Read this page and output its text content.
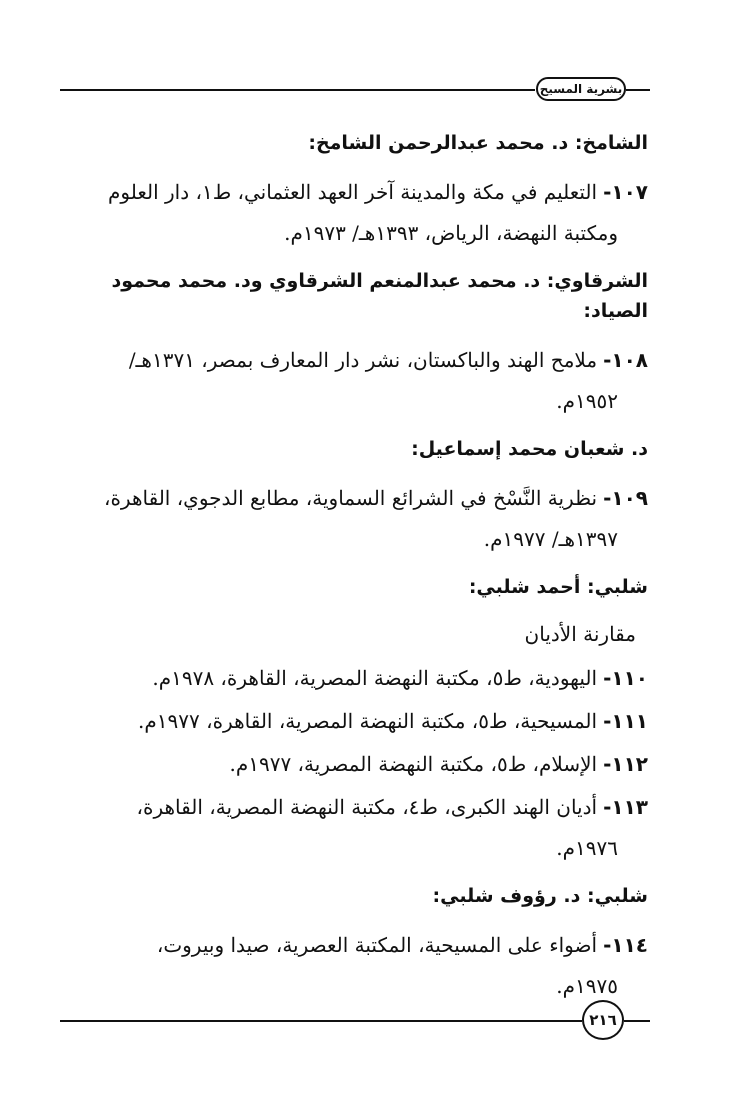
بشرية المسيح
الشامخ: د. محمد عبدالرحمن الشامخ:
١٠٧-التعليم في مكة والمدينة آخر العهد العثماني، ط١، دار العلوم
ومكتبة النهضة، الرياض، ١٣٩٣هـ/ ١٩٧٣م.
الشرقاوي: د. محمد عبدالمنعم الشرقاوي ود. محمد محمود الصياد:
١٠٨-ملامح الهند والباكستان، نشر دار المعارف بمصر، ١٣٧١هـ/
١٩٥٢م.
د. شعبان محمد إسماعيل:
١٠٩-نظرية النَّسْخ في الشرائع السماوية، مطابع الدجوي، القاهرة،
١٣٩٧هـ/ ١٩٧٧م.
شلبي: أحمد شلبي:
مقارنة الأديان
١١٠-اليهودية، ط٥، مكتبة النهضة المصرية، القاهرة، ١٩٧٨م.
١١١-المسيحية، ط٥، مكتبة النهضة المصرية، القاهرة، ١٩٧٧م.
١١٢-الإسلام، ط٥، مكتبة النهضة المصرية، ١٩٧٧م.
١١٣-أديان الهند الكبرى، ط٤، مكتبة النهضة المصرية، القاهرة،
١٩٧٦م.
شلبي: د. رؤوف شلبي:
١١٤-أضواء على المسيحية، المكتبة العصرية، صيدا وبيروت،
١٩٧٥م.
٢١٦
